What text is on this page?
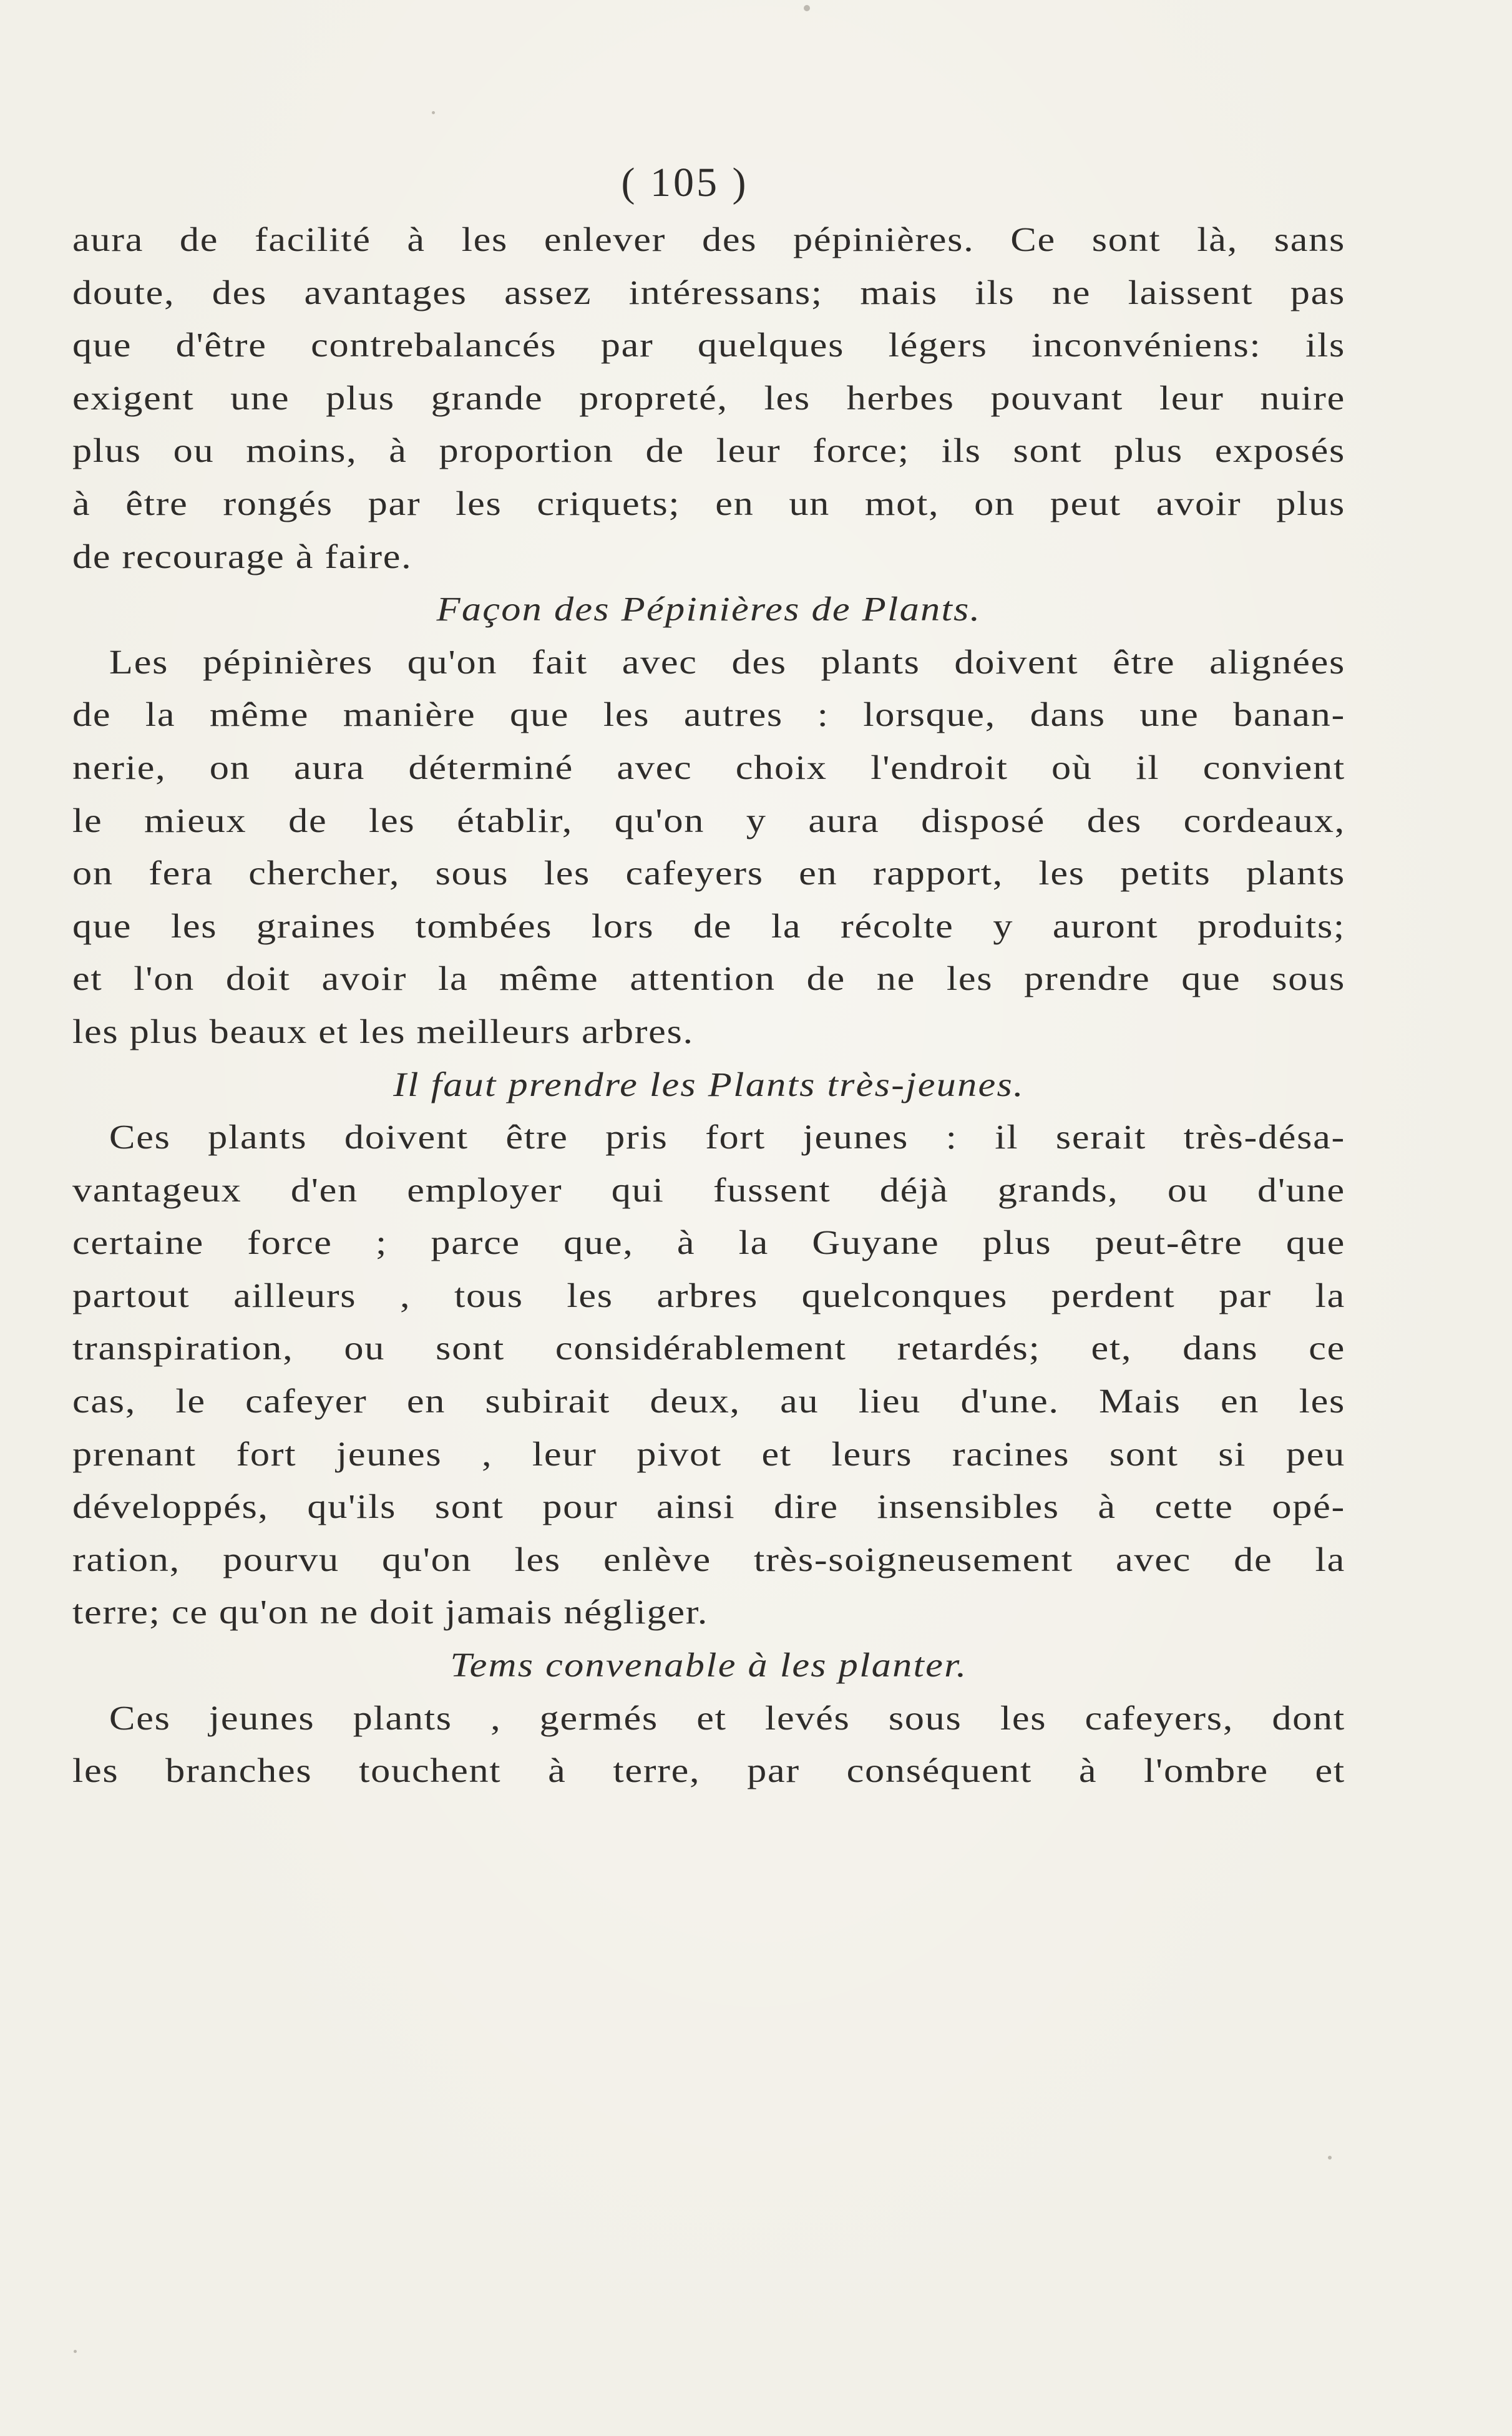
( 105 )
aura de facilité à les enlever des pépinières. Ce sont là, sans
doute, des avantages assez intéressans; mais ils ne laissent pas
que d'être contrebalancés par quelques légers inconvéniens: ils
exigent une plus grande propreté, les herbes pouvant leur nuire
plus ou moins, à proportion de leur force; ils sont plus exposés
à être rongés par les criquets; en un mot, on peut avoir plus
de recourage à faire.
Façon des Pépinières de Plants.
Les pépinières qu'on fait avec des plants doivent être alignées
de la même manière que les autres : lorsque, dans une banan-
nerie, on aura déterminé avec choix l'endroit où il convient
le mieux de les établir, qu'on y aura disposé des cordeaux,
on fera chercher, sous les cafeyers en rapport, les petits plants
que les graines tombées lors de la récolte y auront produits;
et l'on doit avoir la même attention de ne les prendre que sous
les plus beaux et les meilleurs arbres.
Il faut prendre les Plants très-jeunes.
Ces plants doivent être pris fort jeunes : il serait très-désa-
vantageux d'en employer qui fussent déjà grands, ou d'une
certaine force ; parce que, à la Guyane plus peut-être que
partout ailleurs , tous les arbres quelconques perdent par la
transpiration, ou sont considérablement retardés; et, dans ce
cas, le cafeyer en subirait deux, au lieu d'une. Mais en les
prenant fort jeunes , leur pivot et leurs racines sont si peu
développés, qu'ils sont pour ainsi dire insensibles à cette opé-
ration, pourvu qu'on les enlève très-soigneusement avec de la
terre; ce qu'on ne doit jamais négliger.
Tems convenable à les planter.
Ces jeunes plants , germés et levés sous les cafeyers, dont
les branches touchent à terre, par conséquent à l'ombre et
